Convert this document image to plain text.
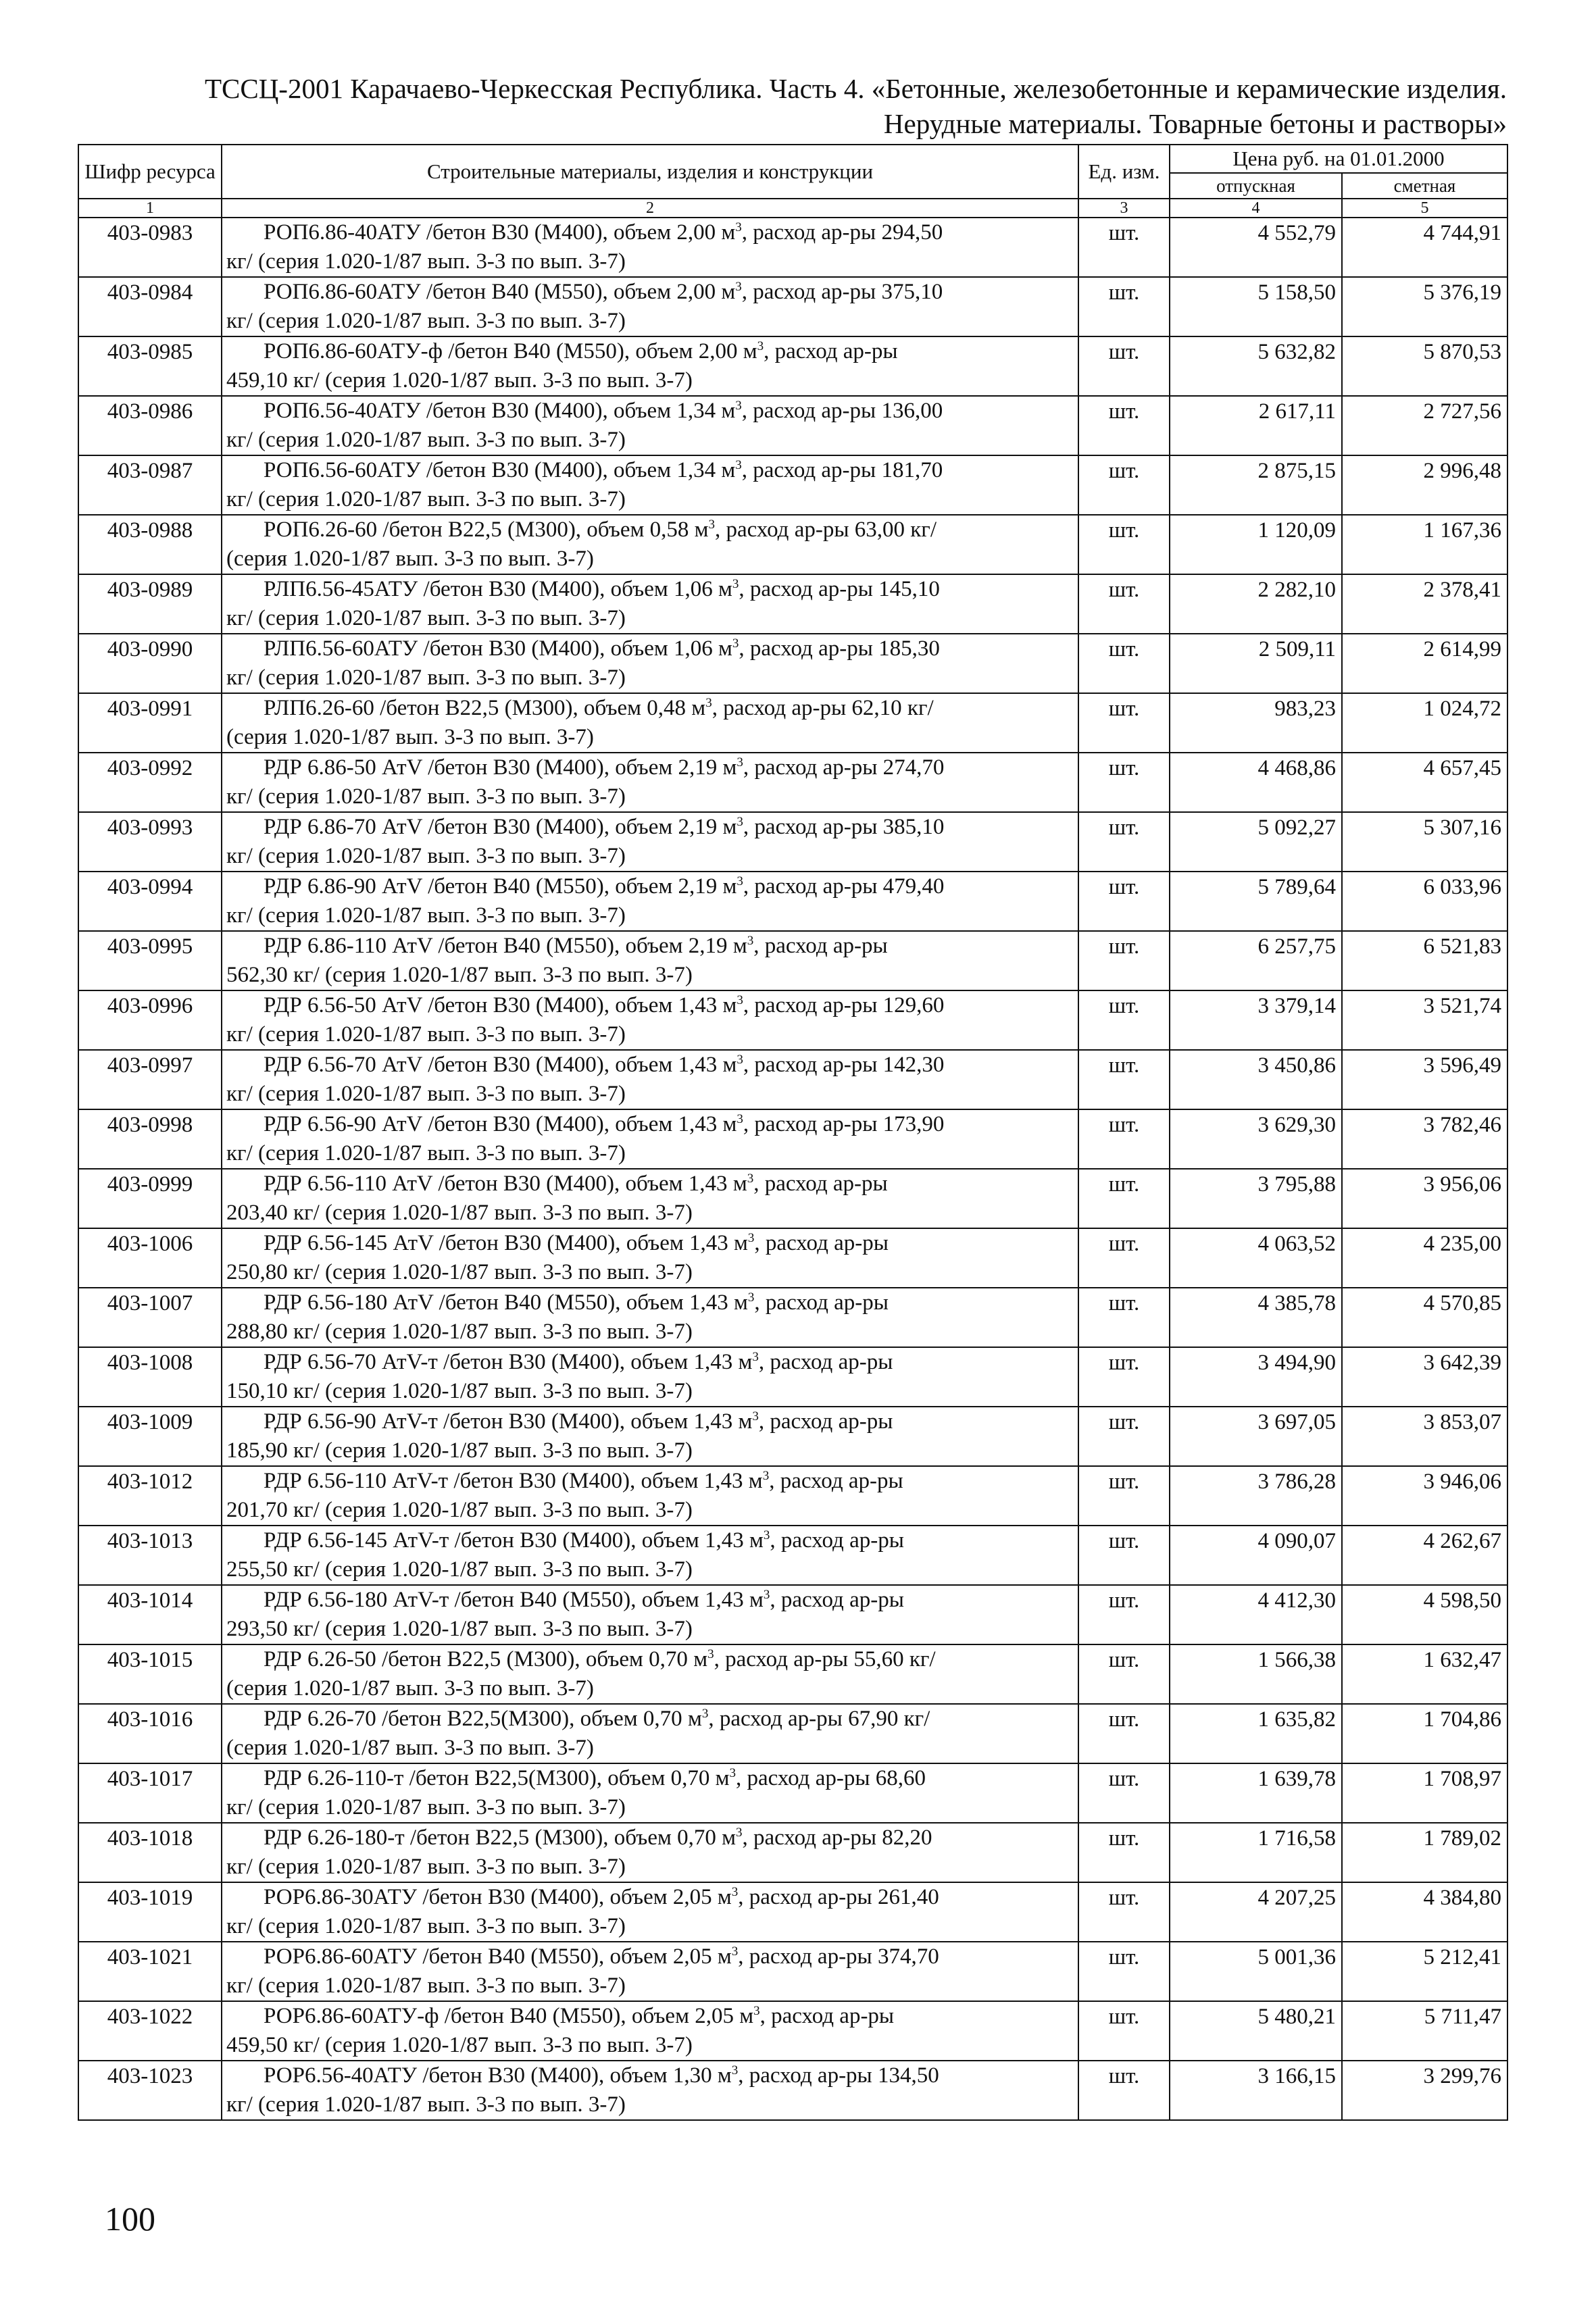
ТССЦ-2001 Карачаево-Черкесская Республика. Часть 4. «Бетонные, железобетонные и керамические изделия.
Нерудные материалы. Товарные бетоны и растворы»
Шифр ресурса	Строительные материалы, изделия и конструкции	Ед. изм.	Цена руб. на 01.01.2000	
			отпускная	сметная
1	2	3	4	5
403-0983	РОП6.86-40АТУ /бетон В30 (М400), объем 2,00 $м^3$, расход ар-ры 294,50
кг/ (серия 1.020-1/87 вып. 3-3 по вып. 3-7)	шт.	4 552,79	4 744,91
403-0984	РОП6.86-60АТУ /бетон В40 (М550), объем 2,00 $м^3$, расход ар-ры 375,10
кг/ (серия 1.020-1/87 вып. 3-3 по вып. 3-7)	шт.	5 158,50	5 376,19
403-0985	РОП6.86-60АТУ-ф /бетон В40 (М550), объем 2,00 $м^3$, расход ар-ры
459,10 кг/ (серия 1.020-1/87 вып. 3-3 по вып. 3-7)	шт.	5 632,82	5 870,53
403-0986	РОП6.56-40АТУ /бетон В30 (М400), объем 1,34 $м^3$, расход ар-ры 136,00
кг/ (серия 1.020-1/87 вып. 3-3 по вып. 3-7)	шт.	2 617,11	2 727,56
403-0987	РОП6.56-60АТУ /бетон В30 (М400), объем 1,34 $м^3$, расход ар-ры 181,70
кг/ (серия 1.020-1/87 вып. 3-3 по вып. 3-7)	шт.	2 875,15	2 996,48
403-0988	РОП6.26-60 /бетон В22,5 (М300), объем 0,58 $м^3$, расход ар-ры 63,00 кг/
(серия 1.020-1/87 вып. 3-3 по вып. 3-7)	шт.	1 120,09	1 167,36
403-0989	РЛП6.56-45АТУ /бетон В30 (М400), объем 1,06 $м^3$, расход ар-ры 145,10
кг/ (серия 1.020-1/87 вып. 3-3 по вып. 3-7)	шт.	2 282,10	2 378,41
403-0990	РЛП6.56-60АТУ /бетон В30 (М400), объем 1,06 $м^3$, расход ар-ры 185,30
кг/ (серия 1.020-1/87 вып. 3-3 по вып. 3-7)	шт.	2 509,11	2 614,99
403-0991	РЛП6.26-60 /бетон В22,5 (М300), объем 0,48 $м^3$, расход ар-ры 62,10 кг/
(серия 1.020-1/87 вып. 3-3 по вып. 3-7)	шт.	983,23	1 024,72
403-0992	РДР 6.86-50 АтV /бетон В30 (М400), объем 2,19 $м^3$, расход ар-ры 274,70
кг/ (серия 1.020-1/87 вып. 3-3 по вып. 3-7)	шт.	4 468,86	4 657,45
403-0993	РДР 6.86-70 АтV /бетон В30 (М400), объем 2,19 $м^3$, расход ар-ры 385,10
кг/ (серия 1.020-1/87 вып. 3-3 по вып. 3-7)	шт.	5 092,27	5 307,16
403-0994	РДР 6.86-90 АтV /бетон В40 (М550), объем 2,19 $м^3$, расход ар-ры 479,40
кг/ (серия 1.020-1/87 вып. 3-3 по вып. 3-7)	шт.	5 789,64	6 033,96
403-0995	РДР 6.86-110 АтV /бетон В40 (М550), объем 2,19 $м^3$, расход ар-ры
562,30 кг/ (серия 1.020-1/87 вып. 3-3 по вып. 3-7)	шт.	6 257,75	6 521,83
403-0996	РДР 6.56-50 АтV /бетон В30 (М400), объем 1,43 $м^3$, расход ар-ры 129,60
кг/ (серия 1.020-1/87 вып. 3-3 по вып. 3-7)	шт.	3 379,14	3 521,74
403-0997	РДР 6.56-70 АтV /бетон В30 (М400), объем 1,43 $м^3$, расход ар-ры 142,30
кг/ (серия 1.020-1/87 вып. 3-3 по вып. 3-7)	шт.	3 450,86	3 596,49
403-0998	РДР 6.56-90 АтV /бетон В30 (М400), объем 1,43 $м^3$, расход ар-ры 173,90
кг/ (серия 1.020-1/87 вып. 3-3 по вып. 3-7)	шт.	3 629,30	3 782,46
403-0999	РДР 6.56-110 АтV /бетон В30 (М400), объем 1,43 $м^3$, расход ар-ры
203,40 кг/ (серия 1.020-1/87 вып. 3-3 по вып. 3-7)	шт.	3 795,88	3 956,06
403-1006	РДР 6.56-145 АтV /бетон В30 (М400), объем 1,43 $м^3$, расход ар-ры
250,80 кг/ (серия 1.020-1/87 вып. 3-3 по вып. 3-7)	шт.	4 063,52	4 235,00
403-1007	РДР 6.56-180 АтV /бетон В40 (М550), объем 1,43 $м^3$, расход ар-ры
288,80 кг/ (серия 1.020-1/87 вып. 3-3 по вып. 3-7)	шт.	4 385,78	4 570,85
403-1008	РДР 6.56-70 АтV-т /бетон В30 (М400), объем 1,43 $м^3$, расход ар-ры
150,10 кг/ (серия 1.020-1/87 вып. 3-3 по вып. 3-7)	шт.	3 494,90	3 642,39
403-1009	РДР 6.56-90 АтV-т /бетон В30 (М400), объем 1,43 $м^3$, расход ар-ры
185,90 кг/ (серия 1.020-1/87 вып. 3-3 по вып. 3-7)	шт.	3 697,05	3 853,07
403-1012	РДР 6.56-110 АтV-т /бетон В30 (М400), объем 1,43 $м^3$, расход ар-ры
201,70 кг/ (серия 1.020-1/87 вып. 3-3 по вып. 3-7)	шт.	3 786,28	3 946,06
403-1013	РДР 6.56-145 АтV-т /бетон В30 (М400), объем 1,43 $м^3$, расход ар-ры
255,50 кг/ (серия 1.020-1/87 вып. 3-3 по вып. 3-7)	шт.	4 090,07	4 262,67
403-1014	РДР 6.56-180 АтV-т /бетон В40 (М550), объем 1,43 $м^3$, расход ар-ры
293,50 кг/ (серия 1.020-1/87 вып. 3-3 по вып. 3-7)	шт.	4 412,30	4 598,50
403-1015	РДР 6.26-50 /бетон В22,5 (М300), объем 0,70 $м^3$, расход ар-ры 55,60 кг/
(серия 1.020-1/87 вып. 3-3 по вып. 3-7)	шт.	1 566,38	1 632,47
403-1016	РДР 6.26-70 /бетон В22,5(М300), объем 0,70 $м^3$, расход ар-ры 67,90 кг/
(серия 1.020-1/87 вып. 3-3 по вып. 3-7)	шт.	1 635,82	1 704,86
403-1017	РДР 6.26-110-т /бетон В22,5(М300), объем 0,70 $м^3$, расход ар-ры 68,60
кг/ (серия 1.020-1/87 вып. 3-3 по вып. 3-7)	шт.	1 639,78	1 708,97
403-1018	РДР 6.26-180-т /бетон В22,5 (М300), объем 0,70 $м^3$, расход ар-ры 82,20
кг/ (серия 1.020-1/87 вып. 3-3 по вып. 3-7)	шт.	1 716,58	1 789,02
403-1019	РОР6.86-30АТУ /бетон В30 (М400), объем 2,05 $м^3$, расход ар-ры 261,40
кг/ (серия 1.020-1/87 вып. 3-3 по вып. 3-7)	шт.	4 207,25	4 384,80
403-1021	РОР6.86-60АТУ /бетон В40 (М550), объем 2,05 $м^3$, расход ар-ры 374,70
кг/ (серия 1.020-1/87 вып. 3-3 по вып. 3-7)	шт.	5 001,36	5 212,41
403-1022	РОР6.86-60АТУ-ф /бетон В40 (М550), объем 2,05 $м^3$, расход ар-ры
459,50 кг/ (серия 1.020-1/87 вып. 3-3 по вып. 3-7)	шт.	5 480,21	5 711,47
403-1023	РОР6.56-40АТУ /бетон В30 (М400), объем 1,30 $м^3$, расход ар-ры 134,50
кг/ (серия 1.020-1/87 вып. 3-3 по вып. 3-7)	шт.	3 166,15	3 299,76
100
